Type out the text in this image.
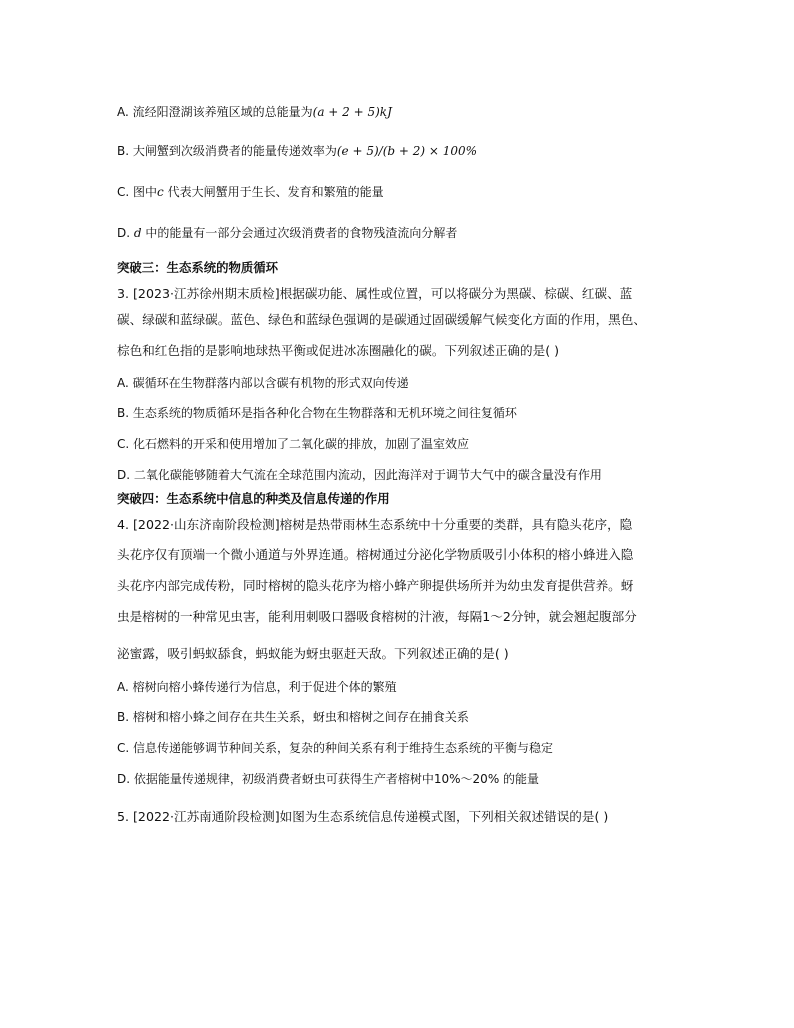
A. 流经阳澄湖该养殖区域的总能量为(a + 2 + 5)kJ
B. 大闸蟹到次级消费者的能量传递效率为(e + 5)/(b + 2) × 100%
C. 图中c 代表大闸蟹用于生长、发育和繁殖的能量
D. d 中的能量有一部分会通过次级消费者的食物残渣流向分解者
突破三：生态系统的物质循环
3. [2023·江苏徐州期末质检]根据碳功能、属性或位置，可以将碳分为黑碳、棕碳、红碳、蓝
碳、绿碳和蓝绿碳。蓝色、绿色和蓝绿色强调的是碳通过固碳缓解气候变化方面的作用，黑色、
棕色和红色指的是影响地球热平衡或促进冰冻圈融化的碳。下列叙述正确的是( )
A. 碳循环在生物群落内部以含碳有机物的形式双向传递
B. 生态系统的物质循环是指各种化合物在生物群落和无机环境之间往复循环
C. 化石燃料的开采和使用增加了二氧化碳的排放，加剧了温室效应
D. 二氧化碳能够随着大气流在全球范围内流动，因此海洋对于调节大气中的碳含量没有作用
突破四：生态系统中信息的种类及信息传递的作用
4. [2022·山东济南阶段检测]榕树是热带雨林生态系统中十分重要的类群，具有隐头花序，隐
头花序仅有顶端一个微小通道与外界连通。榕树通过分泌化学物质吸引小体积的榕小蜂进入隐
头花序内部完成传粉，同时榕树的隐头花序为榕小蜂产卵提供场所并为幼虫发育提供营养。蚜
虫是榕树的一种常见虫害，能利用刺吸口器吸食榕树的汁液，每隔1～2分钟，就会翘起腹部分
泌蜜露，吸引蚂蚁舔食，蚂蚁能为蚜虫驱赶天敌。下列叙述正确的是( )
A. 榕树向榕小蜂传递行为信息，利于促进个体的繁殖
B. 榕树和榕小蜂之间存在共生关系，蚜虫和榕树之间存在捕食关系
C. 信息传递能够调节种间关系，复杂的种间关系有利于维持生态系统的平衡与稳定
D. 依据能量传递规律，初级消费者蚜虫可获得生产者榕树中10%～20% 的能量
5. [2022·江苏南通阶段检测]如图为生态系统信息传递模式图，下列相关叙述错误的是( )
